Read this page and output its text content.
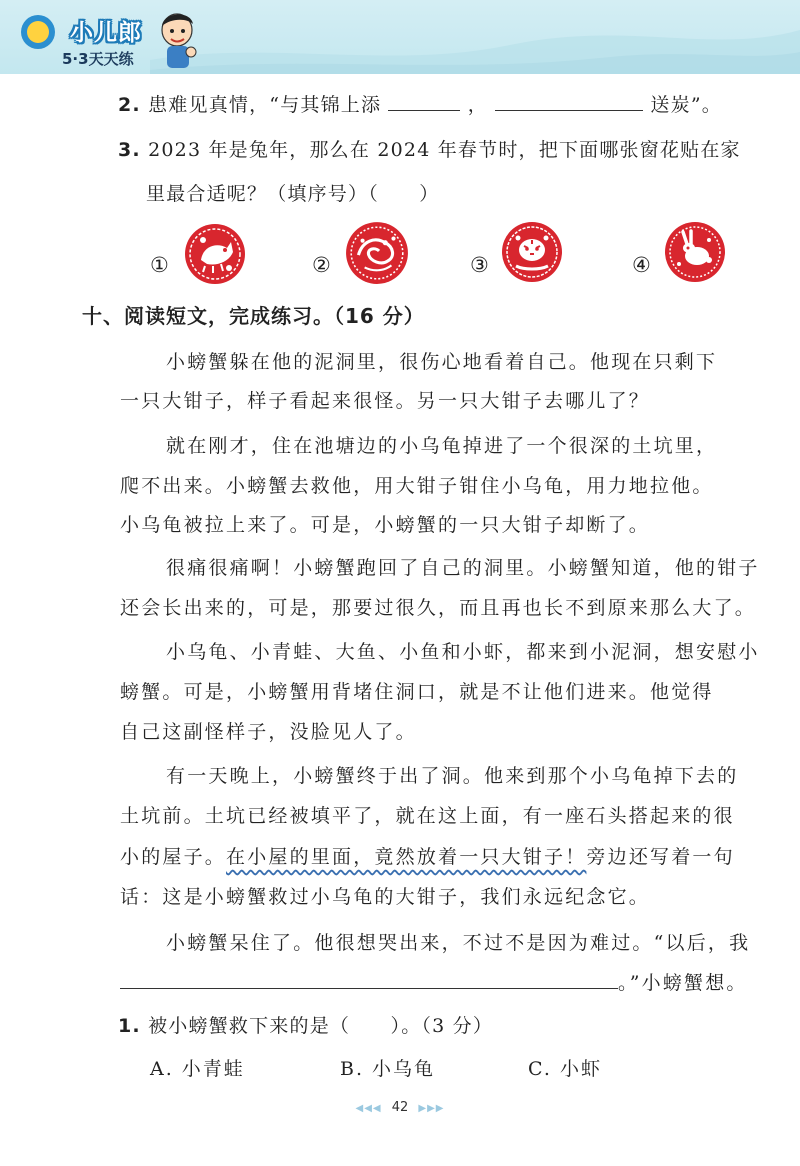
小儿郎
5·3天天练
2. 患难见真情，“与其锦上添	，	送炭”。
3. 2023 年是兔年，那么在 2024 年春节时，把下面哪张窗花贴在家
里最合适呢？（填序号）（　　）
①	②	③	④
十、阅读短文，完成练习。（16 分）
小螃蟹躲在他的泥洞里，很伤心地看着自己。他现在只剩下
一只大钳子，样子看起来很怪。另一只大钳子去哪儿了？
就在刚才，住在池塘边的小乌龟掉进了一个很深的土坑里，
爬不出来。小螃蟹去救他，用大钳子钳住小乌龟，用力地拉他。
小乌龟被拉上来了。可是，小螃蟹的一只大钳子却断了。
很痛很痛啊！小螃蟹跑回了自己的洞里。小螃蟹知道，他的钳子
还会长出来的，可是，那要过很久，而且再也长不到原来那么大了。
小乌龟、小青蛙、大鱼、小鱼和小虾，都来到小泥洞，想安慰小
螃蟹。可是，小螃蟹用背堵住洞口，就是不让他们进来。他觉得
自己这副怪样子，没脸见人了。
有一天晚上，小螃蟹终于出了洞。他来到那个小乌龟掉下去的
土坑前。土坑已经被填平了，就在这上面，有一座石头搭起来的很
小的屋子。在小屋的里面，竟然放着一只大钳子！旁边还写着一句
话：这是小螃蟹救过小乌龟的大钳子，我们永远纪念它。
小螃蟹呆住了。他很想哭出来，不过不是因为难过。“以后，我
。”小螃蟹想。
1. 被小螃蟹救下来的是（　　）。（3 分）
A. 小青蛙	B. 小乌龟	C. 小虾
◀◀◀ 42 ▶▶▶
